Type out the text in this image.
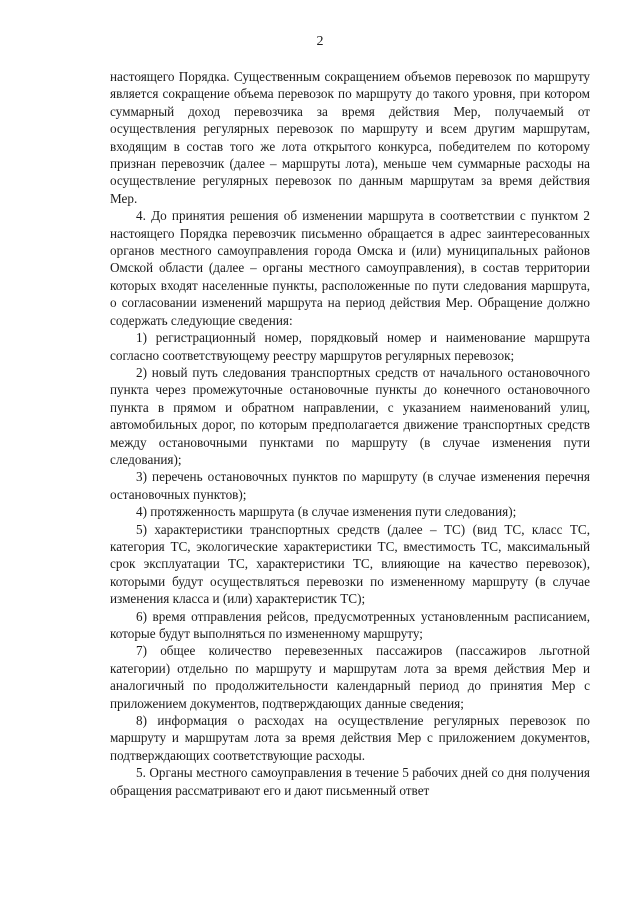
2

настоящего Порядка. Существенным сокращением объемов перевозок по маршруту является сокращение объема перевозок по маршруту до такого уровня, при котором суммарный доход перевозчика за время действия Мер, получаемый от осуществления регулярных перевозок по маршруту и всем другим маршрутам, входящим в состав того же лота открытого конкурса, победителем по которому признан перевозчик (далее – маршруты лота), меньше чем суммарные расходы на осуществление регулярных перевозок по данным маршрутам за время действия Мер.

4. До принятия решения об изменении маршрута в соответствии с пунктом 2 настоящего Порядка перевозчик письменно обращается в адрес заинтересованных органов местного самоуправления города Омска и (или) муниципальных районов Омской области (далее – органы местного самоуправления), в состав территории которых входят населенные пункты, расположенные по пути следования маршрута, о согласовании изменений маршрута на период действия Мер. Обращение должно содержать следующие сведения:

1) регистрационный номер, порядковый номер и наименование маршрута согласно соответствующему реестру маршрутов регулярных перевозок;

2) новый путь следования транспортных средств от начального остановочного пункта через промежуточные остановочные пункты до конечного остановочного пункта в прямом и обратном направлении, с указанием наименований улиц, автомобильных дорог, по которым предполагается движение транспортных средств между остановочными пунктами по маршруту (в случае изменения пути следования);

3) перечень остановочных пунктов по маршруту (в случае изменения перечня остановочных пунктов);

4) протяженность маршрута (в случае изменения пути следования);

5) характеристики транспортных средств (далее – ТС) (вид ТС, класс ТС, категория ТС, экологические характеристики ТС, вместимость ТС, максимальный срок эксплуатации ТС, характеристики ТС, влияющие на качество перевозок), которыми будут осуществляться перевозки по измененному маршруту (в случае изменения класса и (или) характеристик ТС);

6) время отправления рейсов, предусмотренных установленным расписанием, которые будут выполняться по измененному маршруту;

7) общее количество перевезенных пассажиров (пассажиров льготной категории) отдельно по маршруту и маршрутам лота за время действия Мер и аналогичный по продолжительности календарный период до принятия Мер с приложением документов, подтверждающих данные сведения;

8) информация о расходах на осуществление регулярных перевозок по маршруту и маршрутам лота за время действия Мер с приложением документов, подтверждающих соответствующие расходы.

5. Органы местного самоуправления в течение 5 рабочих дней со дня получения обращения рассматривают его и дают письменный ответ
